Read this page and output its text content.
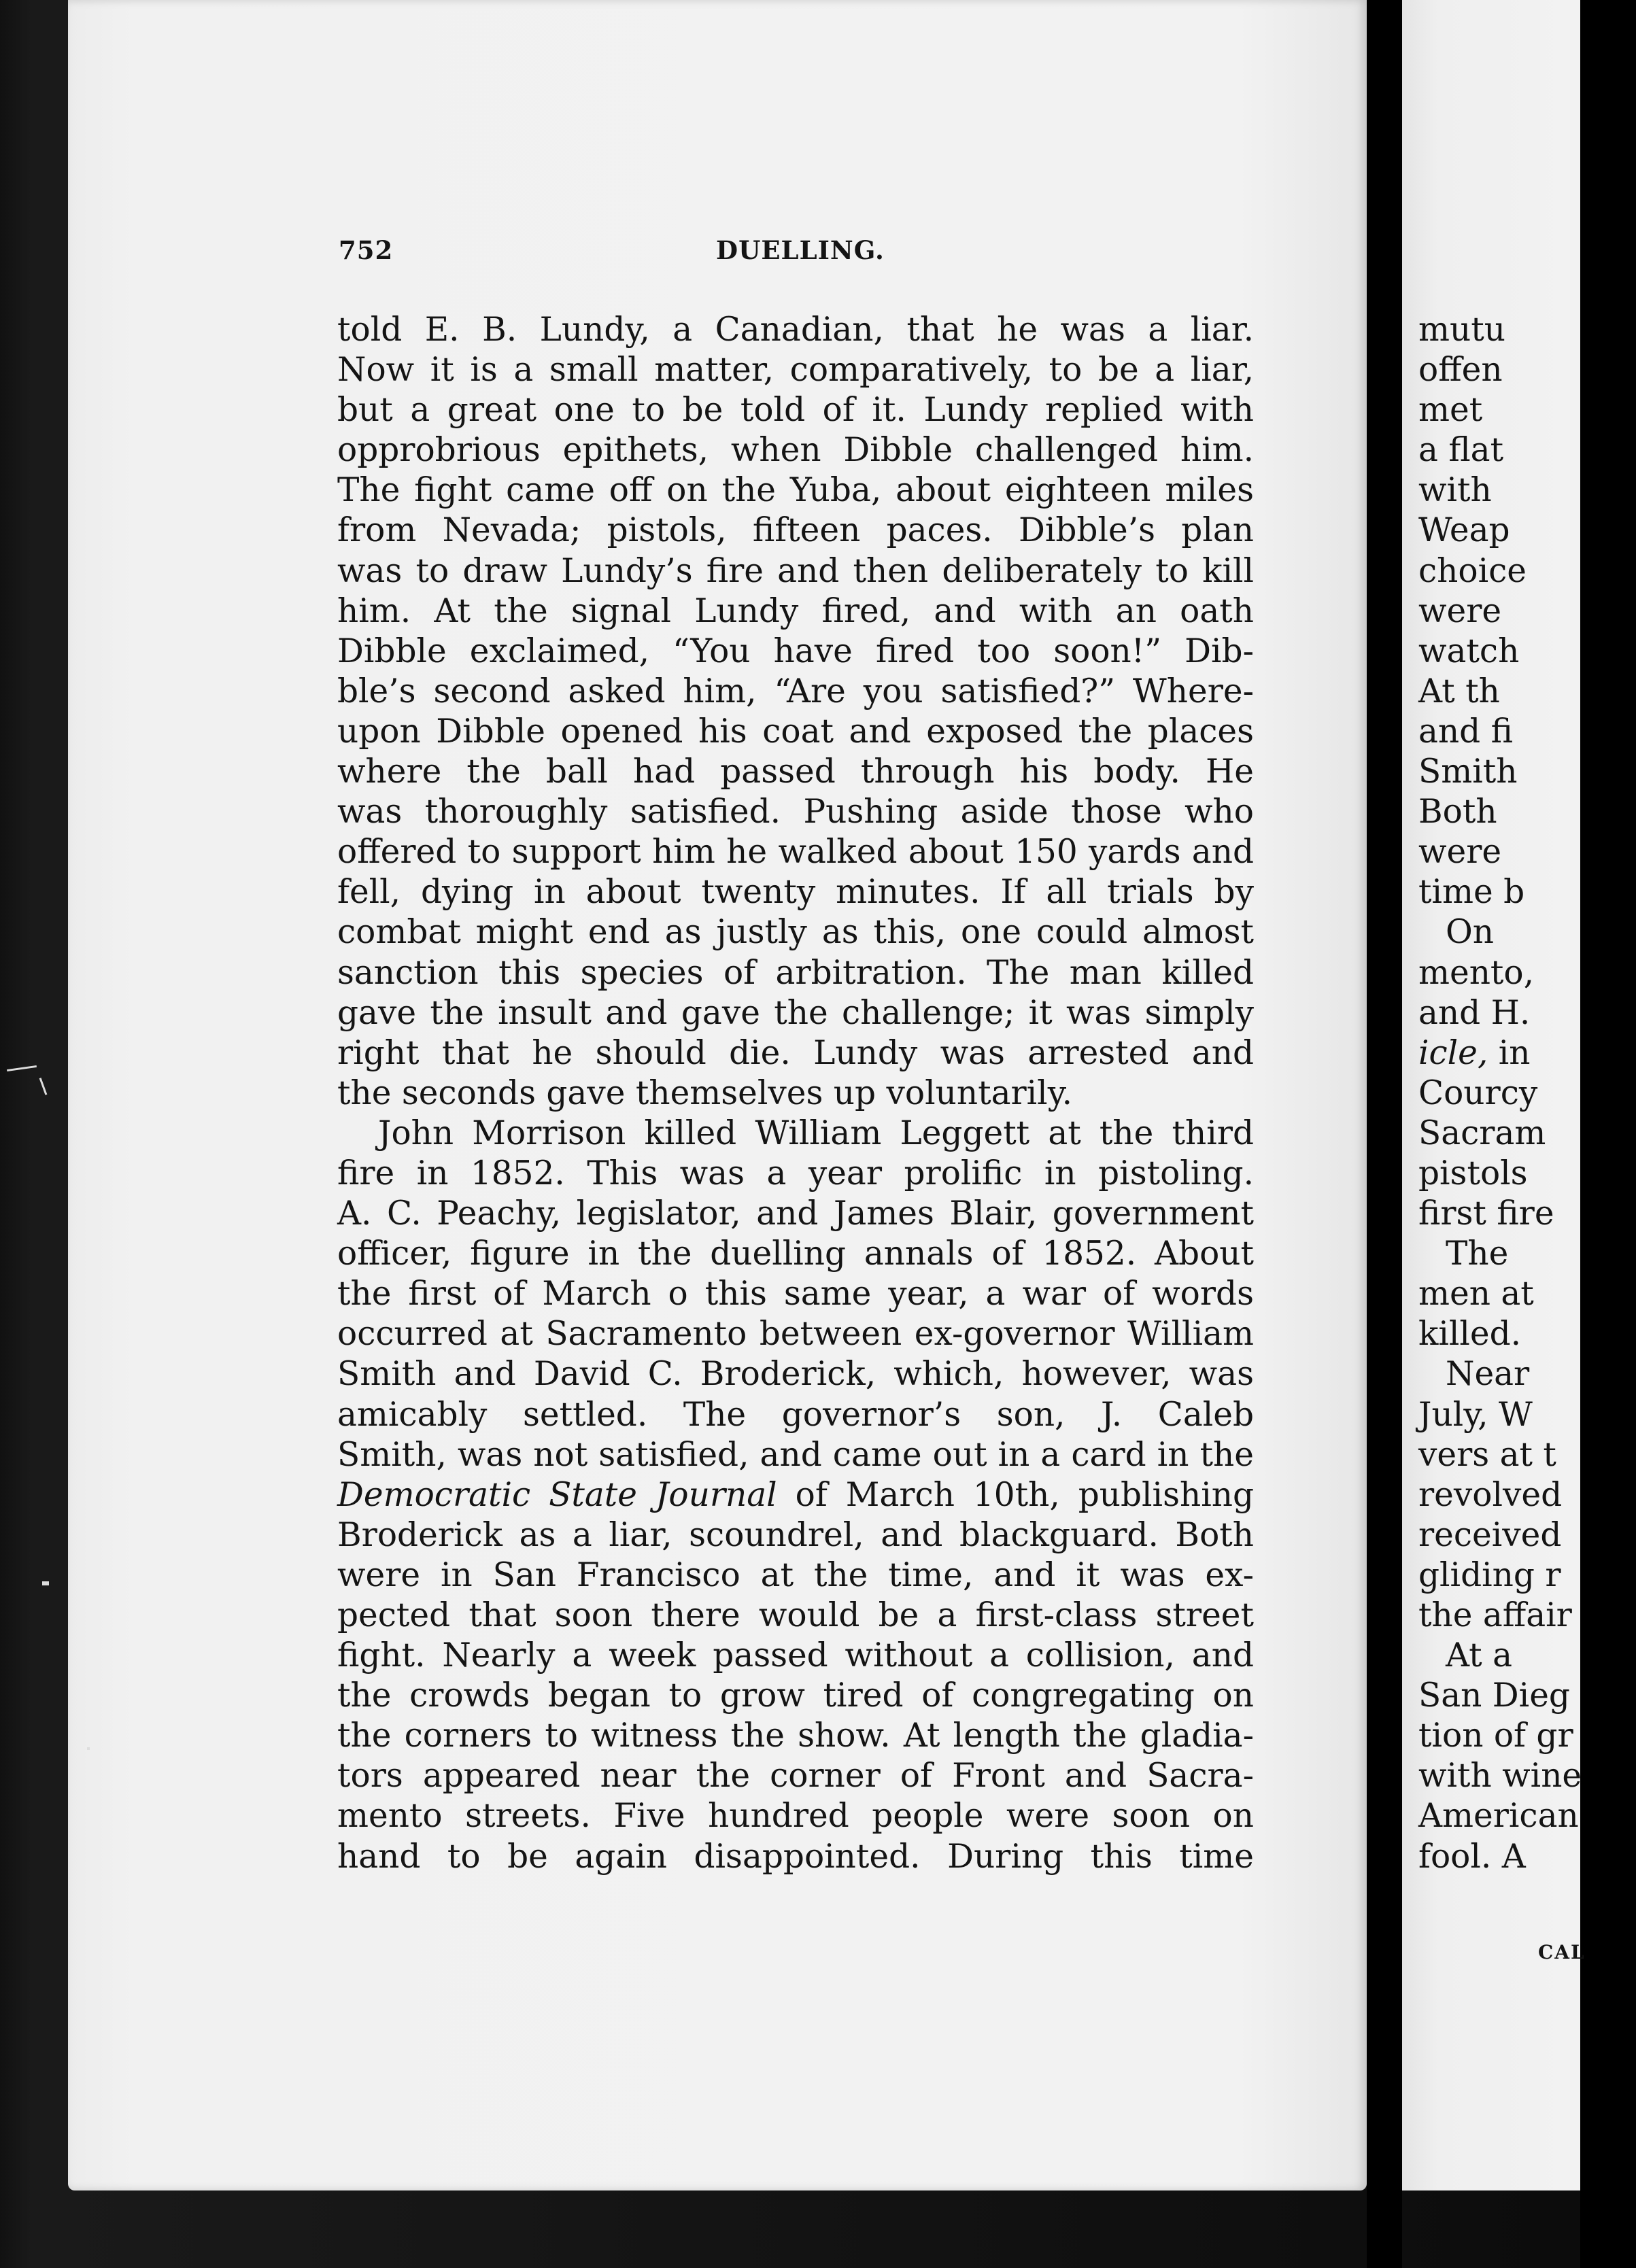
mutu
offen
met
a flat
with
Weap
choice
were
watch
At th
and fi
Smith
Both
were
time b
On
mento,
and H.
icle, in
Courcy
Sacram
pistols
first fire
The
men at
killed.
Near
July, W
vers at t
revolved
received
gliding r
the affair
At a
San Dieg
tion of gr
with wine
American
fool. A
CAL
752	DUELLING.
told E. B. Lundy, a Canadian, that he was a liar.
Now it is a small matter, comparatively, to be a liar,
but a great one to be told of it. Lundy replied with
opprobrious epithets, when Dibble challenged him.
The fight came off on the Yuba, about eighteen miles
from Nevada; pistols, fifteen paces. Dibble’s plan
was to draw Lundy’s fire and then deliberately to kill
him. At the signal Lundy fired, and with an oath
Dibble exclaimed, “You have fired too soon!” Dib-
ble’s second asked him, “Are you satisfied?” Where-
upon Dibble opened his coat and exposed the places
where the ball had passed through his body. He
was thoroughly satisfied. Pushing aside those who
offered to support him he walked about 150 yards and
fell, dying in about twenty minutes. If all trials by
combat might end as justly as this, one could almost
sanction this species of arbitration. The man killed
gave the insult and gave the challenge; it was simply
right that he should die. Lundy was arrested and
the seconds gave themselves up voluntarily.
John Morrison killed William Leggett at the third
fire in 1852. This was a year prolific in pistoling.
A. C. Peachy, legislator, and James Blair, government
officer, figure in the duelling annals of 1852. About
the first of March o this same year, a war of words
occurred at Sacramento between ex-governor William
Smith and David C. Broderick, which, however, was
amicably settled. The governor’s son, J. Caleb
Smith, was not satisfied, and came out in a card in the
Democratic State Journal of March 10th, publishing
Broderick as a liar, scoundrel, and blackguard. Both
were in San Francisco at the time, and it was ex-
pected that soon there would be a first-class street
fight. Nearly a week passed without a collision, and
the crowds began to grow tired of congregating on
the corners to witness the show. At length the gladia-
tors appeared near the corner of Front and Sacra-
mento streets. Five hundred people were soon on
hand to be again disappointed. During this time
